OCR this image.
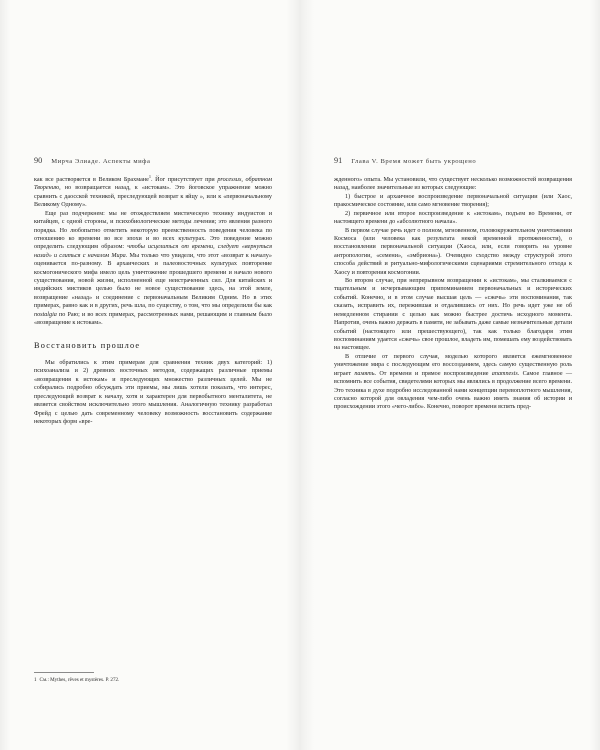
90 Мирча Элиаде. Аспекты мифа	91 Глава V. Время может быть укрощено

как все растворяется в Великом Брахмане$^1$. Йог присутствует при processus, обратном Творению, но возвращается назад, к «истокам». Это йоговское упражнение можно сравнить с даосской техникой, преследующей возврат к яйцу », или к «первоначальному Великому Одному».

Еще раз подчеркнем: мы не отождествляем мистическую технику индуистов и китайцев, с одной стороны, и психобиологические методы лечения; это явления разного порядка. Но любопытно отметить некоторую преемственность поведения человека по отношению ко времени во все эпохи и во всех культурах. Это поведение можно определить следующим образом: чтобы исцелиться от времени, следует «вернуться назад» и слиться с началом Мира. Мы только что увидели, что этот «возврат к началу» оценивается по-разному. В архаических и палеовосточных культурах повторение космогонического мифа имело цель уничтожение прошедшего времени и начало нового существования, новой жизни, исполненной еще неистраченных сил. Для китайских и индийских мистиков целью было не новое существование здесь, на этой земле, возвращение «назад» и соединение с первоначальным Великим Одним. Но в этих примерах, равно как и в других, речь шла, по существу, о том, что мы определили бы как nostalgia по Раю; и во всех примерах, рассмотренных нами, решающим и главным было «возвращение к истокам».

Восстановить прошлое

Мы обратились к этим примерам для сравнения техник двух категорий: 1) психоанализа и 2) древних восточных методов, содержащих различные приемы «возвращения к истокам» и преследующих множество различных целей. Мы не собирались подробно обсуждать эти приемы, мы лишь хотели показать, что интерес, преследующий возврат к началу, хотя и характерен для первобытного менталитета, не является свойством исключительно этого мышления. Аналогичную технику разработал Фрейд с целью дать современному человеку возможность восстановить содержание некоторых форм «вре-

1 См.: Mythes, rêves et mystères. P. 272.

жденного» опыта. Мы установили, что существует несколько возможностей возвращения назад, наиболее значительные из которых следующие:

1) быстрое и архаичное воспроизведение первоначальной ситуации (или Хаос, пракосмическое состояние, или само мгновение творения);

2) первичное или второе воспроизведение к «истокам», подъем во Времени, от настоящего времени до «абсолютного начала».

В первом случае речь идет о полном, мгновенном, головокружительном уничтожении Космоса (или человека как результата некой временной протяженности), о восстановлении первоначальной ситуации (Хаоса, или, если говорить на уровне антропологии, «семени», «эмбриона»). Очевидно сходство между структурой этого способа действий и ритуально-мифологическими сценариями стремительного отхода к Хаосу и повторения космогонии.

Во втором случае, при непрерывном возвращении к «истокам», мы сталкиваемся с тщательным и исчерпывающим припоминанием первоначальных и исторических событий. Конечно, и в этом случае высшая цель — «сжечь» эти воспоминания, так сказать, исправить их, пережившая и отдалившись от них. Но речь идет уже не об немедленном стирании с целью как можно быстрее достичь исходного момента. Напротив, очень важно держать в памяти, не забывать даже самые незначительные детали событий (настоящего или прешествующего), так как только благодаря этим воспоминаниям удается «сжечь» свое прошлое, владеть им, помешать ему воздействовать на настоящее.

В отличие от первого случая, моделью которого является ежемгновенное уничтожение мира с последующим его воссозданием, здесь самую существенную роль играет память. От времени и прямое воспроизведение anamnesis. Самое главное — вспомнить все события, свидетелями которых мы являлись в продолжение всего времени. Это техника в духе подробно исследованной нами концепции перевоплотного мышления, согласно которой для овладения чем-либо очень важно иметь знания об истории и происхождении этого «чего-либо». Конечно, поворот времени вспять пред-
